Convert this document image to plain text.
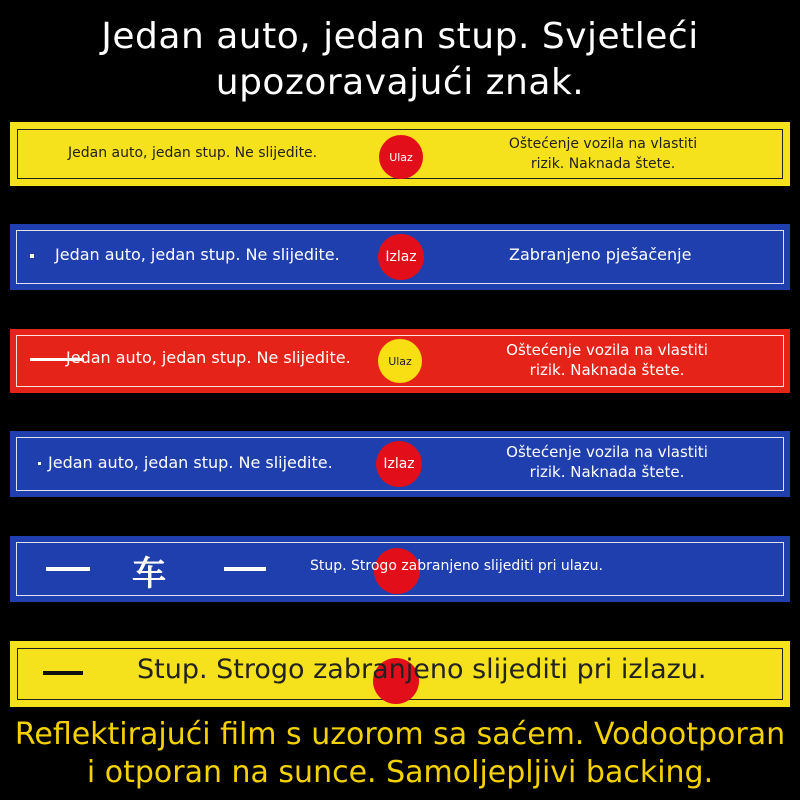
Jedan auto, jedan stup. Svjetleći
upozoravajući znak.
Jedan auto, jedan stup. Ne slijedite.	Ulaz
Oštećenje vozila na vlastiti
rizik. Naknada štete.
Jedan auto, jedan stup. Ne slijedite.	Izlaz	Zabranjeno pješačenje
Jedan auto, jedan stup. Ne slijedite.	Ulaz
Oštećenje vozila na vlastiti
rizik. Naknada štete.
Jedan auto, jedan stup. Ne slijedite.	Izlaz
Oštećenje vozila na vlastiti
rizik. Naknada štete.
车	Stup. Strogo zabranjeno slijediti pri ulazu.
Stup. Strogo zabranjeno slijediti pri izlazu.
Reflektirajući film s uzorom sa saćem. Vodootporan
i otporan na sunce. Samoljepljivi backing.
